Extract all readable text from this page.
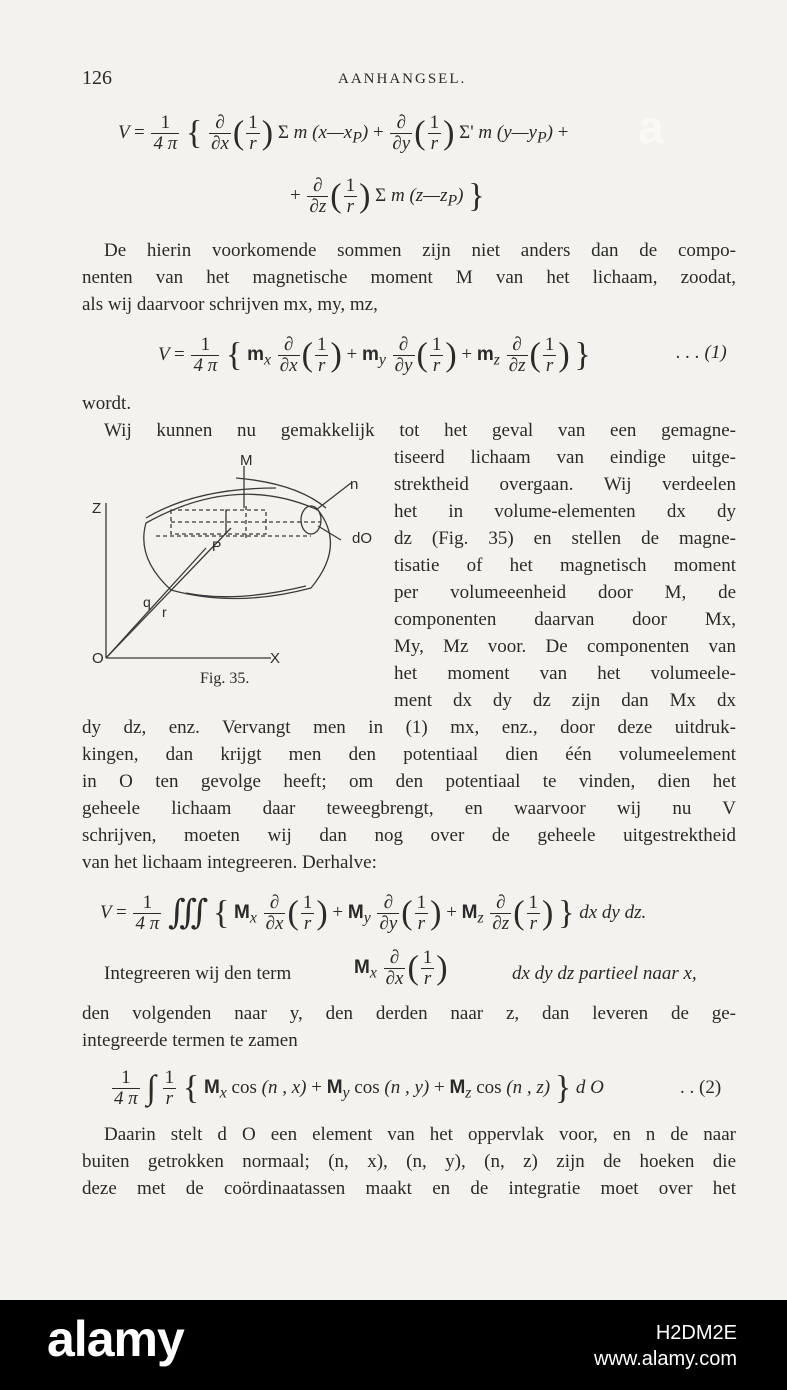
126	AANHANGSEL.
$V = \frac{1}{4 \pi}$ { $\frac{\partial}{\partial x}$ ( $\frac{1}{r}$ ) Σ m $(x—x_P) + \frac{\partial}{\partial y}$ ( $\frac{1}{r}$ ) Σ' m $(y—y_P)$ +
+ $\frac{\partial}{\partial z}$ ( $\frac{1}{r}$ ) Σ m $(z—z_P)$ }
De hierin voorkomende sommen zijn niet anders dan de compo-
nenten van het magnetische moment M van het lichaam, zoodat,
als wij daarvoor schrijven mx, my, mz,
$V = \frac{1}{4 \pi}$ { $m_x \frac{\partial}{\partial x}$ ( $\frac{1}{r}$ ) + $m_y \frac{\partial}{\partial y}$ ( $\frac{1}{r}$ ) + $m_z \frac{\partial}{\partial z}$ ( $\frac{1}{r}$ ) }	. . . (1)
wordt.
Wij kunnen nu gemakkelijk tot het geval van een gemagne-
tiseerd lichaam van eindige uitge-
strektheid overgaan. Wij verdeelen
het in volume-elementen dx dy
dz (Fig. 35) en stellen de magne-
tisatie of het magnetisch moment
per volumeeenheid door M, de
componenten daarvan door Mx,
My, Mz voor. De componenten van
het moment van het volumeele-
ment dx dy dz zijn dan Mx dx
M
n
Z
dO
P
q
r
O	X
Fig. 35.
dy dz, enz. Vervangt men in (1) mx, enz., door deze uitdruk-
kingen, dan krijgt men den potentiaal dien één volumeelement
in O ten gevolge heeft; om den potentiaal te vinden, dien het
geheele lichaam daar teweegbrengt, en waarvoor wij nu V
schrijven, moeten wij dan nog over de geheele uitgestrektheid
van het lichaam integreeren. Derhalve:
$V = \frac{1}{4 \pi}$ ∭ { $M_x \frac{\partial}{\partial x}$ ( $\frac{1}{r}$ ) + $M_y \frac{\partial}{\partial y}$ ( $\frac{1}{r}$ ) + $M_z \frac{\partial}{\partial z}$ ( $\frac{1}{r}$ ) } dx dy dz.
Integreeren wij den term	$M_x \frac{\partial}{\partial x}$ ( $\frac{1}{r}$ )	dx dy dz partieel naar x,
den volgenden naar y, den derden naar z, dan leveren de ge-
integreerde termen te zamen
$\frac{1}{4 \pi}$ ∫ $\frac{1}{r}$ { $M_x$ cos (n , $x) + M_y$ cos (n , $y) + M_z$ cos (n , z) } d O	. . (2)
Daarin stelt d O een element van het oppervlak voor, en n de naar
buiten getrokken normaal; (n, x), (n, y), (n, z) zijn de hoeken die
deze met de coördinaatassen maakt en de integratie moet over het
a
alamy	H2DM2E
www.alamy.com
